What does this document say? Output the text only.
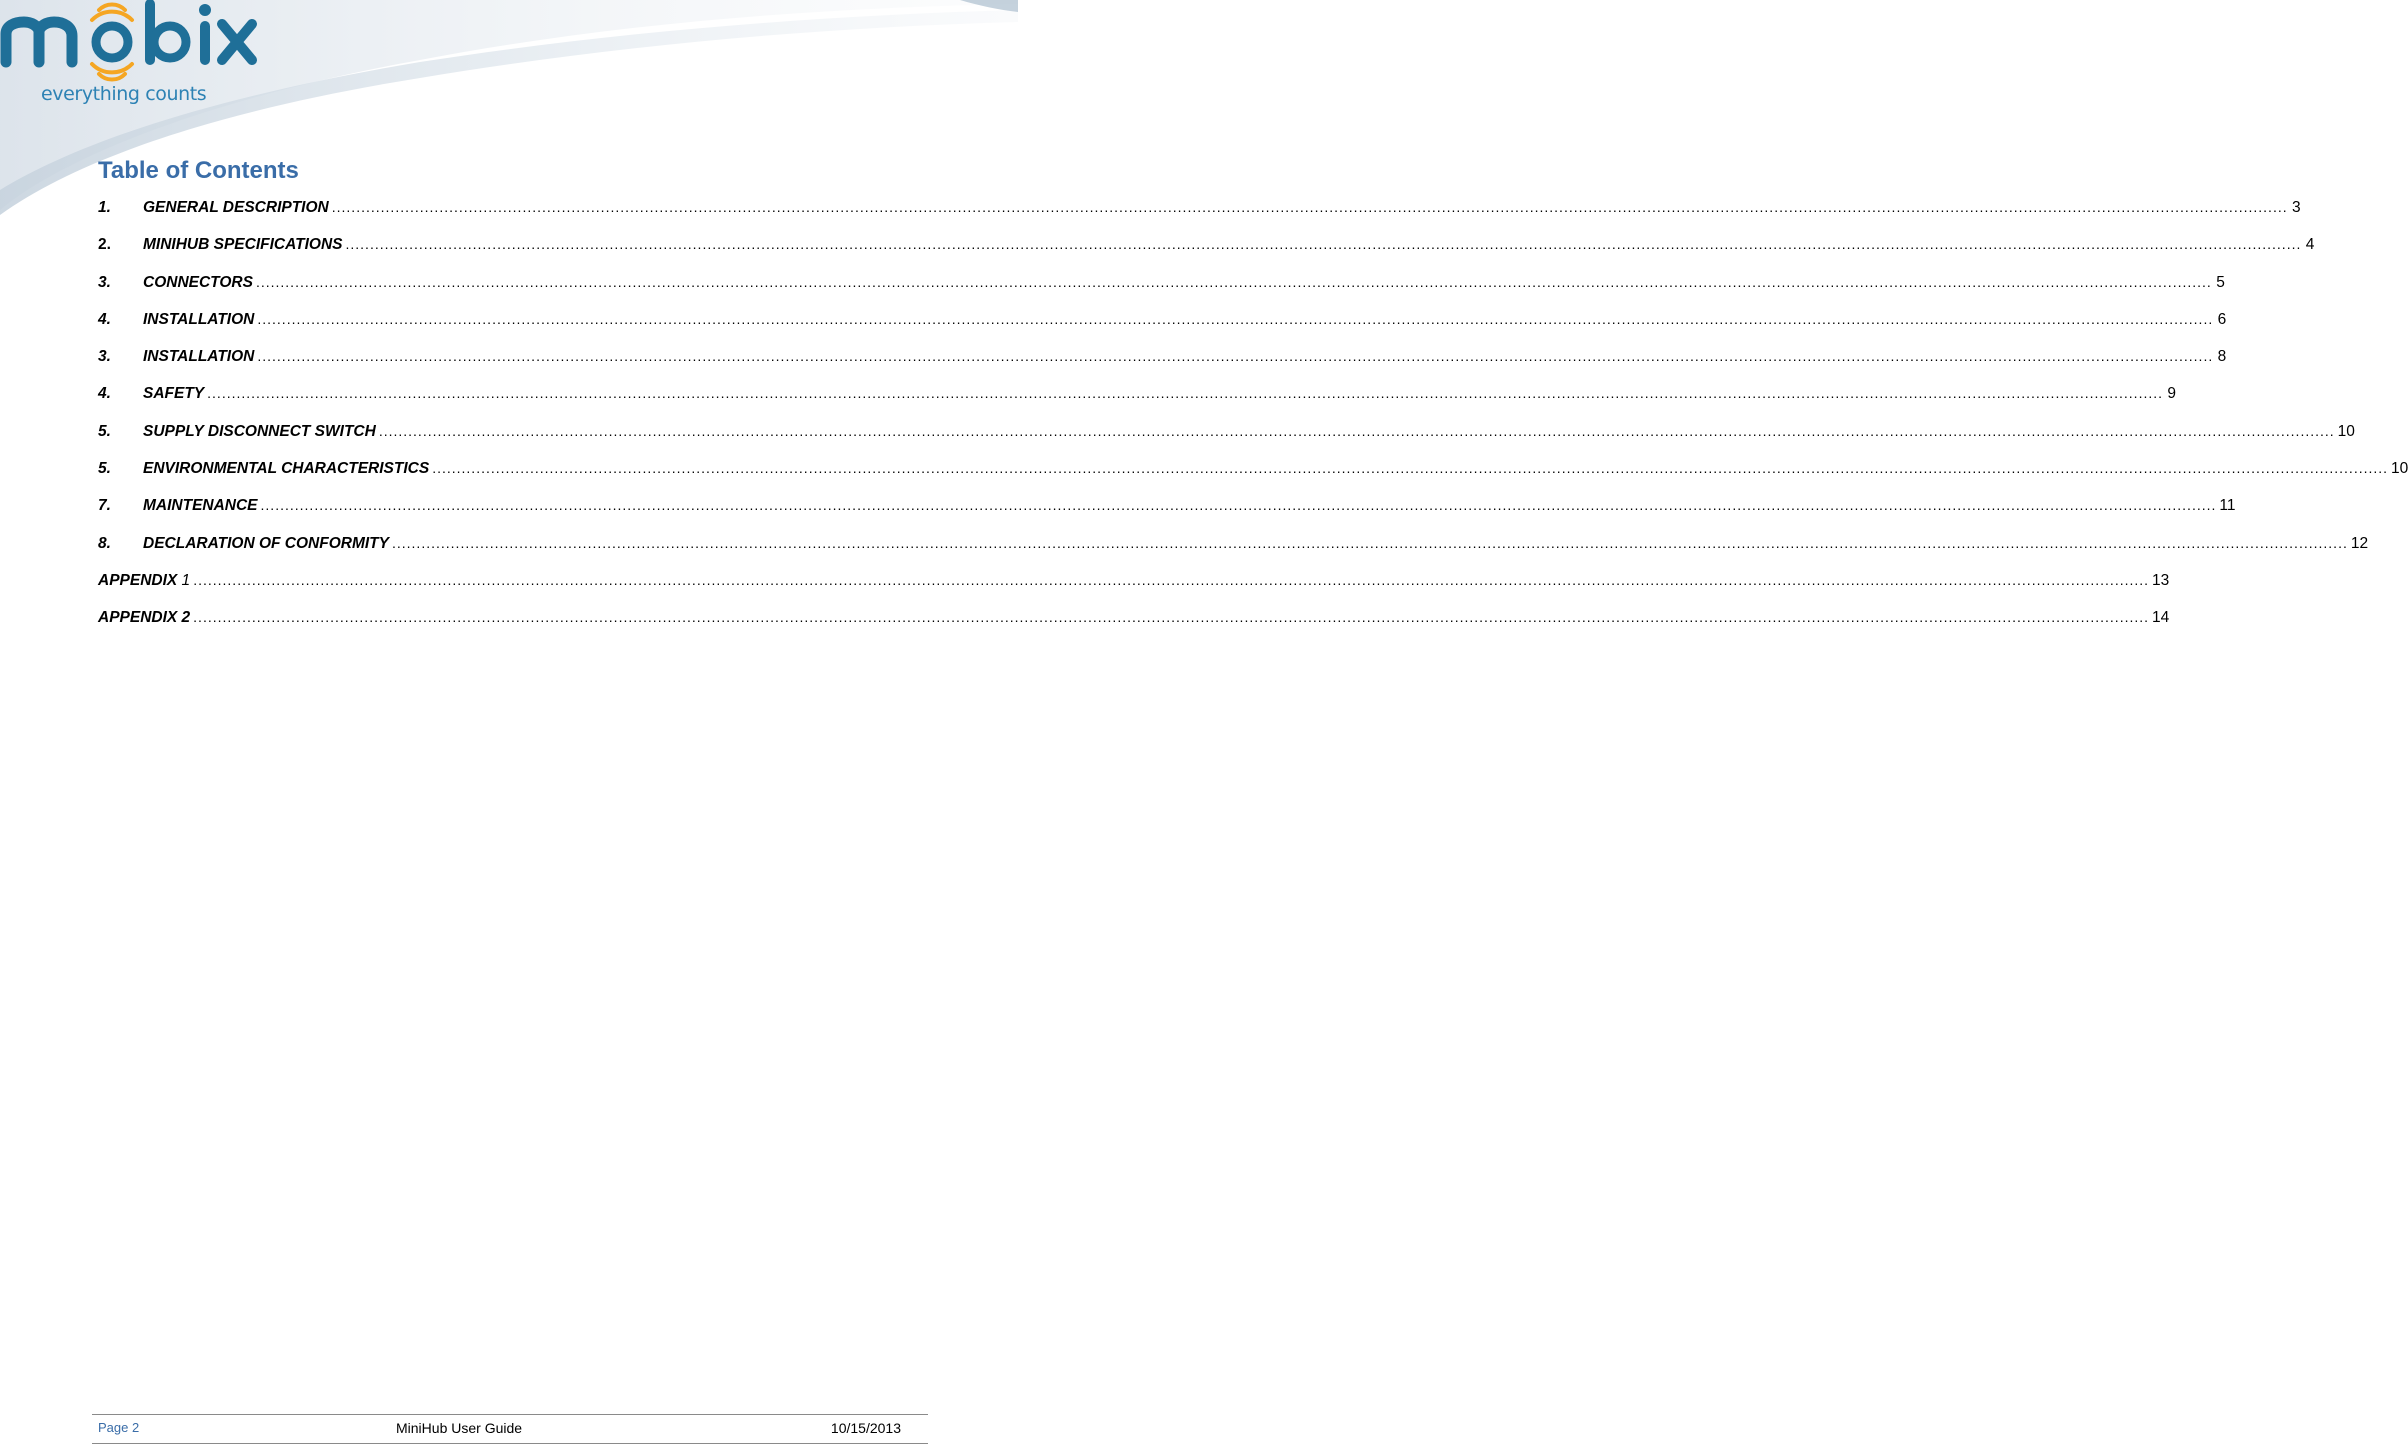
everything counts
Table of Contents
1.	GENERAL DESCRIPTION ................................................................................................................................................................................................................................................................................................................................................................................................................ 3
2.	MINIHUB SPECIFICATIONS ................................................................................................................................................................................................................................................................................................................................................................................................................ 4
3.	CONNECTORS ................................................................................................................................................................................................................................................................................................................................................................................................................ 5
4.	INSTALLATION ................................................................................................................................................................................................................................................................................................................................................................................................................ 6
3.	INSTALLATION ................................................................................................................................................................................................................................................................................................................................................................................................................ 8
4.	SAFETY ................................................................................................................................................................................................................................................................................................................................................................................................................ 9
5.	SUPPLY DISCONNECT SWITCH ................................................................................................................................................................................................................................................................................................................................................................................................................ 10
5.	ENVIRONMENTAL CHARACTERISTICS ................................................................................................................................................................................................................................................................................................................................................................................................................ 10
7.	MAINTENANCE ................................................................................................................................................................................................................................................................................................................................................................................................................ 11
8.	DECLARATION OF CONFORMITY ................................................................................................................................................................................................................................................................................................................................................................................................................ 12
APPENDIX 1 ................................................................................................................................................................................................................................................................................................................................................................................................................ 13
APPENDIX 2 ................................................................................................................................................................................................................................................................................................................................................................................................................ 14
Page 2	MiniHub User Guide	10/15/2013
